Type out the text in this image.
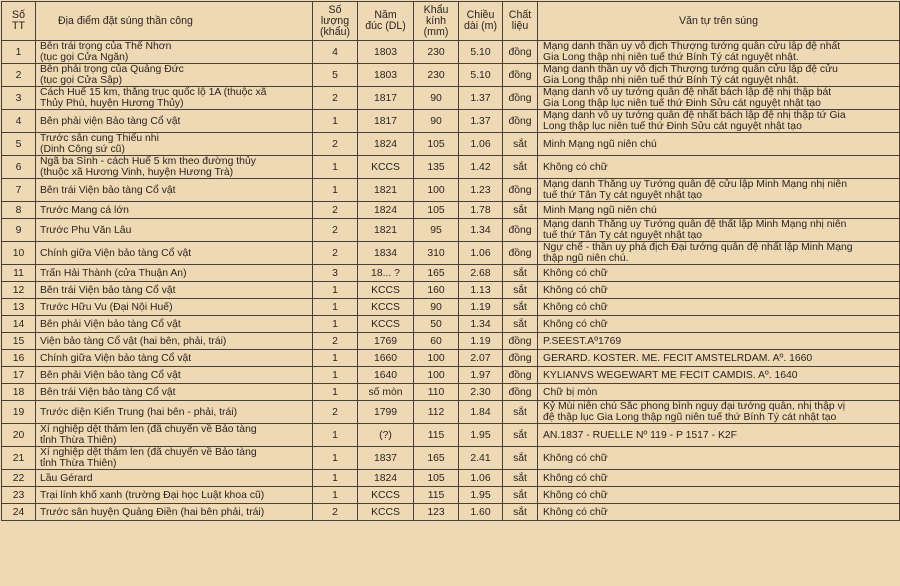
Số
TT	Địa điểm đặt súng thần công	Số
lượng
(khẩu)	Năm
đúc (DL)	Khẩu
kính
(mm)	Chiều
dài (m)	Chất
liệu	Văn tự trên súng
1	Bên trái trọng của Thể Nhơn
(tục gọi Cửa Ngăn)	4	1803	230	5.10	đồng	Mạng danh thần uy vô địch Thượng tướng quân cửu lập đệ nhất
Gia Long thập nhị niên tuế thứ Bính Tý cát nguyệt nhật.
2	Bên phải trọng của Quảng Đức
(tục gọi Cửa Sập)	5	1803	230	5.10	đồng	Mạng danh thần uy vô địch Thượng tướng quân cửu lập đệ cửu
Gia Long thập nhị niên tuế thứ Bính Tý cát nguyệt nhật.
3	Cách Huế 15 km, thẳng trục quốc lộ 1A (thuộc xã
Thủy Phù, huyện Hương Thủy)	2	1817	90	1.37	đồng	Mạng danh vô uy tướng quân đệ nhất bách lập đệ nhị thập bát
Gia Long thập lục niên tuế thứ Đinh Sửu cát nguyệt nhật tạo
4	Bên phải viện Bảo tàng Cổ vật	1	1817	90	1.37	đồng	Mạng danh vô uy tướng quân đệ nhất bách lập đệ nhị thập tứ Gia
Long thập lục niên tuế thứ Đinh Sửu cát nguyệt nhật tạo
5	Trước sân cung Thiếu nhi
(Dinh Công sứ cũ)	2	1824	105	1.06	sắt	Minh Mạng ngũ niên chú
6	Ngã ba Sình - cách Huế 5 km theo đường thủy
(thuộc xã Hương Vinh, huyện Hương Trà)	1	KCCS	135	1.42	sắt	Không có chữ
7	Bên trái Viện bảo tàng Cổ vật	1	1821	100	1.23	đồng	Mạng danh Thắng uy Tướng quân đệ cửu lập Minh Mạng nhị niên
tuế thứ Tân Tỵ cát nguyệt nhật tạo
8	Trước Mang cá lớn	2	1824	105	1.78	sắt	Minh Mạng ngũ niên chú
9	Trước Phu Văn Lâu	2	1821	95	1.34	đồng	Mạng danh Thắng uy Tướng quân đệ thất lập Minh Mạng nhị niên
tuế thứ Tân Tỵ cát nguyệt nhật tạo
10	Chính giữa Viện bảo tàng Cổ vật	2	1834	310	1.06	đồng	Ngự chế - thần uy phá địch Đại tướng quân đệ nhất lập Minh Mạng
thập ngũ niên chú.
11	Trấn Hải Thành (cửa Thuận An)	3	18... ?	165	2.68	sắt	Không có chữ
12	Bên trái Viện bảo tàng Cổ vật	1	KCCS	160	1.13	sắt	Không có chữ
13	Trước Hữu Vu (Đại Nội Huế)	1	KCCS	90	1.19	sắt	Không có chữ
14	Bên phải Viện bảo tàng Cổ vật	1	KCCS	50	1.34	sắt	Không có chữ
15	Viện bảo tàng Cổ vật (hai bên, phải, trái)	2	1769	60	1.19	đồng	P.SEEST.Aº1769
16	Chính giữa Viện bảo tàng Cổ vật	1	1660	100	2.07	đồng	GERARD. KOSTER. ME. FECIT AMSTELRDAM. Aº. 1660
17	Bên phải Viện bảo tàng Cổ vật	1	1640	100	1.97	đồng	KYLIANVS WEGEWART ME FECIT CAMDIS. Aº. 1640
18	Bên trái Viện bảo tàng Cổ vật	1	số mòn	110	2.30	đồng	Chữ bị mòn
19	Trước diện Kiến Trung (hai bên - phải, trái)	2	1799	112	1.84	sắt	Kỷ Mùi niên chú Sắc phong bình nguy đại tướng quân, nhị thập vị
đệ thập lục Gia Long thập ngũ niên tuế thứ Bính Tý cát nhật tạo
20	Xí nghiệp dệt thảm len (đã chuyển về Bảo tàng
tỉnh Thừa Thiên)	1	(?)	115	1.95	sắt	AN.1837 - RUELLE Nº 119 - P 1517 - K2F
21	Xí nghiệp dệt thảm len (đã chuyển về Bảo tàng
tỉnh Thừa Thiên)	1	1837	165	2.41	sắt	Không có chữ
22	Lầu Gérard	1	1824	105	1.06	sắt	Không có chữ
23	Trại lính khố xanh (trường Đại học Luật khoa cũ)	1	KCCS	115	1.95	sắt	Không có chữ
24	Trước sân huyện Quảng Điền (hai bên phải, trái)	2	KCCS	123	1.60	sắt	Không có chữ
